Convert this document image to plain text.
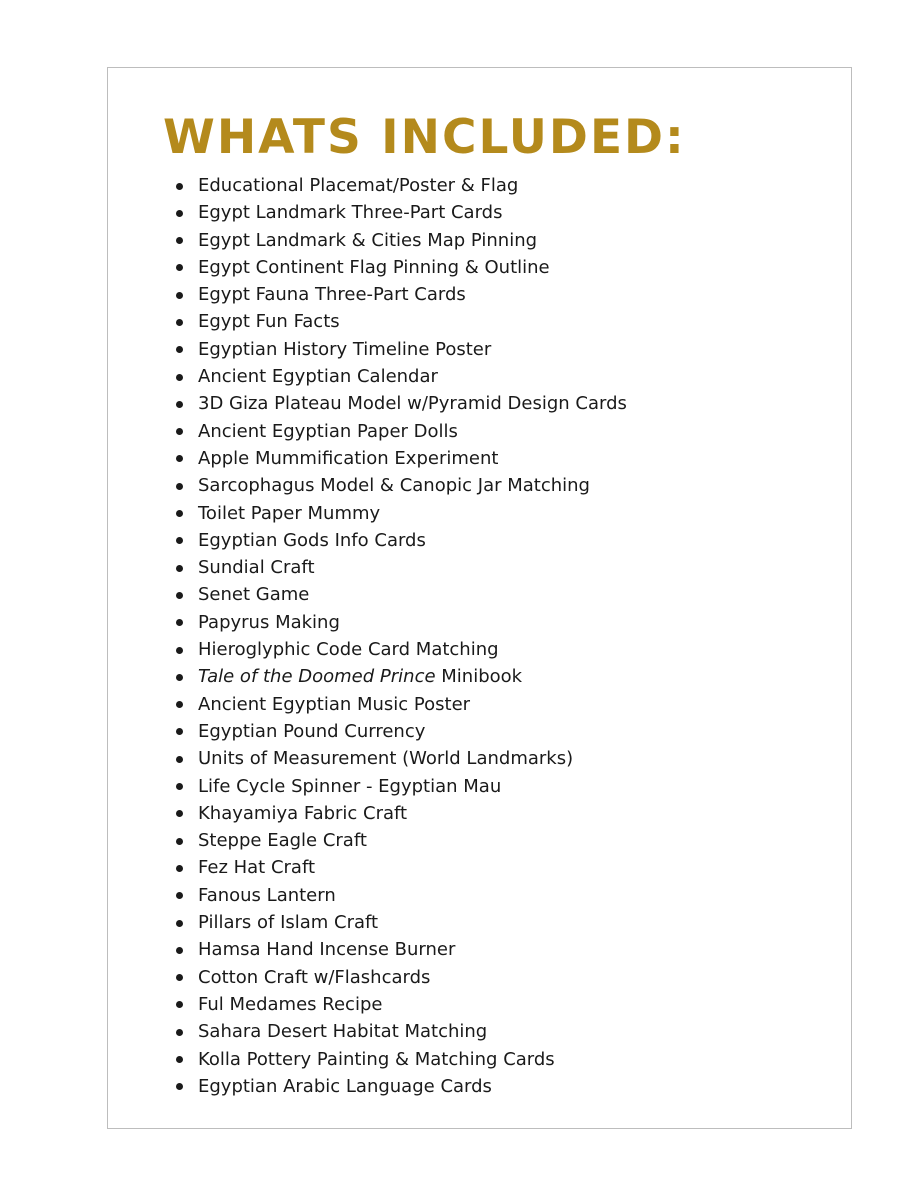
WHATS INCLUDED:
Educational Placemat/Poster & Flag
Egypt Landmark Three-Part Cards
Egypt Landmark & Cities Map Pinning
Egypt Continent Flag Pinning & Outline
Egypt Fauna Three-Part Cards
Egypt Fun Facts
Egyptian History Timeline Poster
Ancient Egyptian Calendar
3D Giza Plateau Model w/Pyramid Design Cards
Ancient Egyptian Paper Dolls
Apple Mummification Experiment
Sarcophagus Model & Canopic Jar Matching
Toilet Paper Mummy
Egyptian Gods Info Cards
Sundial Craft
Senet Game
Papyrus Making
Hieroglyphic Code Card Matching
Tale of the Doomed Prince Minibook
Ancient Egyptian Music Poster
Egyptian Pound Currency
Units of Measurement (World Landmarks)
Life Cycle Spinner - Egyptian Mau
Khayamiya Fabric Craft
Steppe Eagle Craft
Fez Hat Craft
Fanous Lantern
Pillars of Islam Craft
Hamsa Hand Incense Burner
Cotton Craft w/Flashcards
Ful Medames Recipe
Sahara Desert Habitat Matching
Kolla Pottery Painting & Matching Cards
Egyptian Arabic Language Cards
